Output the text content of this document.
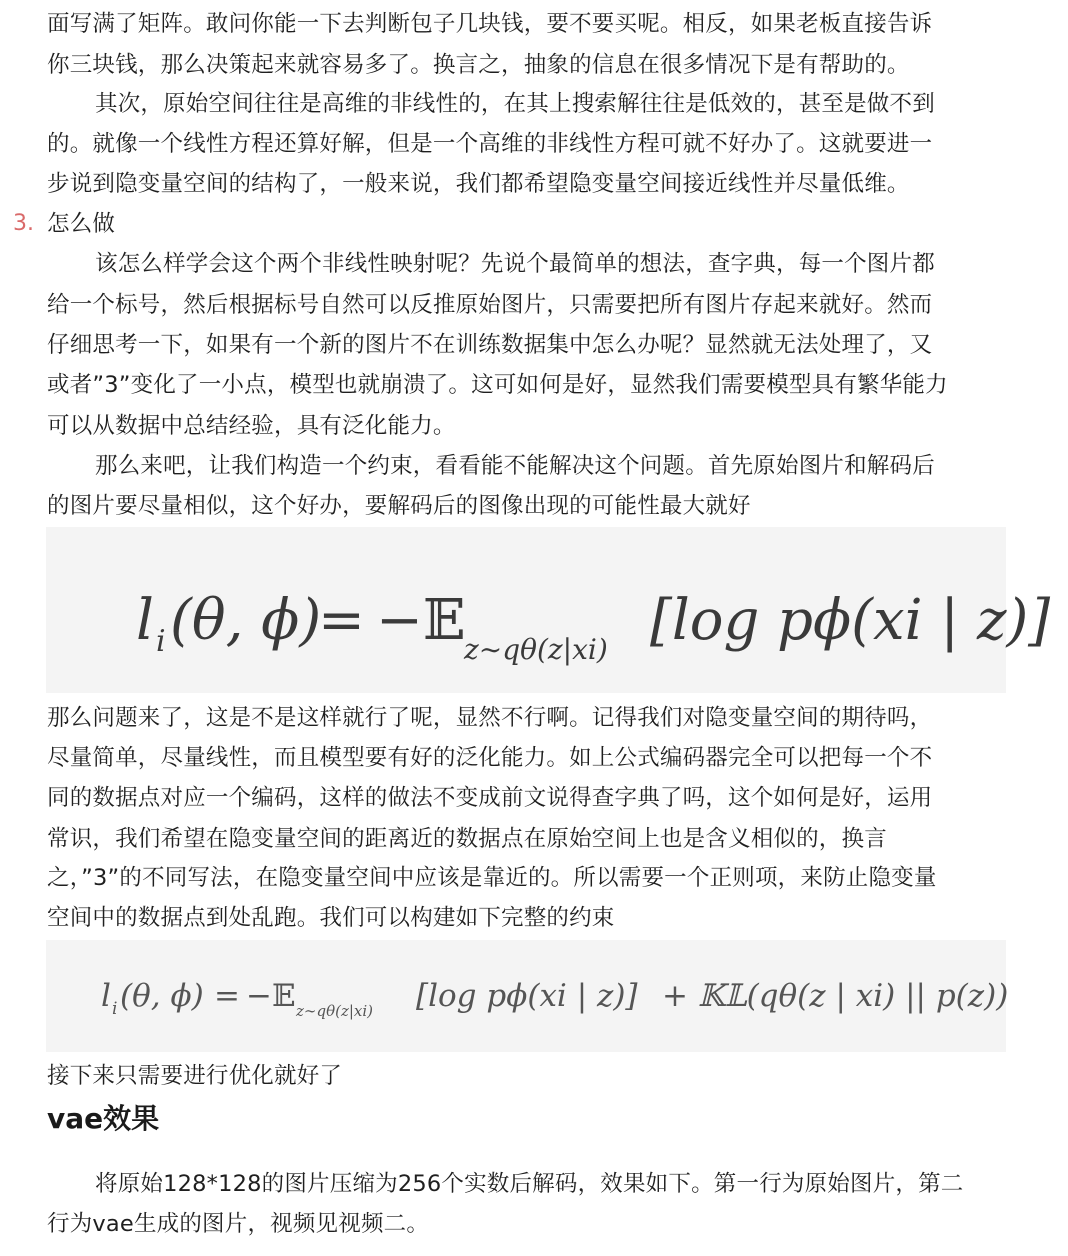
面写满了矩阵。敢问你能一下去判断包子几块钱，要不要买呢。相反，如果老板直接告诉
你三块钱，那么决策起来就容易多了。换言之，抽象的信息在很多情况下是有帮助的。
其次，原始空间往往是高维的非线性的，在其上搜索解往往是低效的，甚至是做不到
的。就像一个线性方程还算好解，但是一个高维的非线性方程可就不好办了。这就要进一
步说到隐变量空间的结构了，一般来说，我们都希望隐变量空间接近线性并尽量低维。
3. 怎么做
该怎么样学会这个两个非线性映射呢？先说个最简单的想法，查字典，每一个图片都
给一个标号，然后根据标号自然可以反推原始图片，只需要把所有图片存起来就好。然而
仔细思考一下，如果有一个新的图片不在训练数据集中怎么办呢？显然就无法处理了，又
或者”3”变化了一小点，模型也就崩溃了。这可如何是好，显然我们需要模型具有繁华能力
可以从数据中总结经验，具有泛化能力。
那么来吧，让我们构造一个约束，看看能不能解决这个问题。首先原始图片和解码后
的图片要尽量相似，这个好办，要解码后的图像出现的可能性最大就好
l i (θ, ϕ)
= −𝔼
z∼qθ(z|xi) [log pϕ(xi | z)]
那么问题来了，这是不是这样就行了呢，显然不行啊。记得我们对隐变量空间的期待吗，
尽量简单，尽量线性，而且模型要有好的泛化能力。如上公式编码器完全可以把每一个不
同的数据点对应一个编码，这样的做法不变成前文说得查字典了吗，这个如何是好，运用
常识，我们希望在隐变量空间的距离近的数据点在原始空间上也是含义相似的，换言
之，”3”的不同写法，在隐变量空间中应该是靠近的。所以需要一个正则项，来防止隐变量
空间中的数据点到处乱跑。我们可以构建如下完整的约束
l i (θ, ϕ) = −𝔼 z∼qθ(z|xi) [log pϕ(xi | z)] + 𝕂𝕃(qθ(z | xi) || p(z))
接下来只需要进行优化就好了
vae效果
将原始128*128的图片压缩为256个实数后解码，效果如下。第一行为原始图片，第二
行为vae生成的图片，视频见视频二。
